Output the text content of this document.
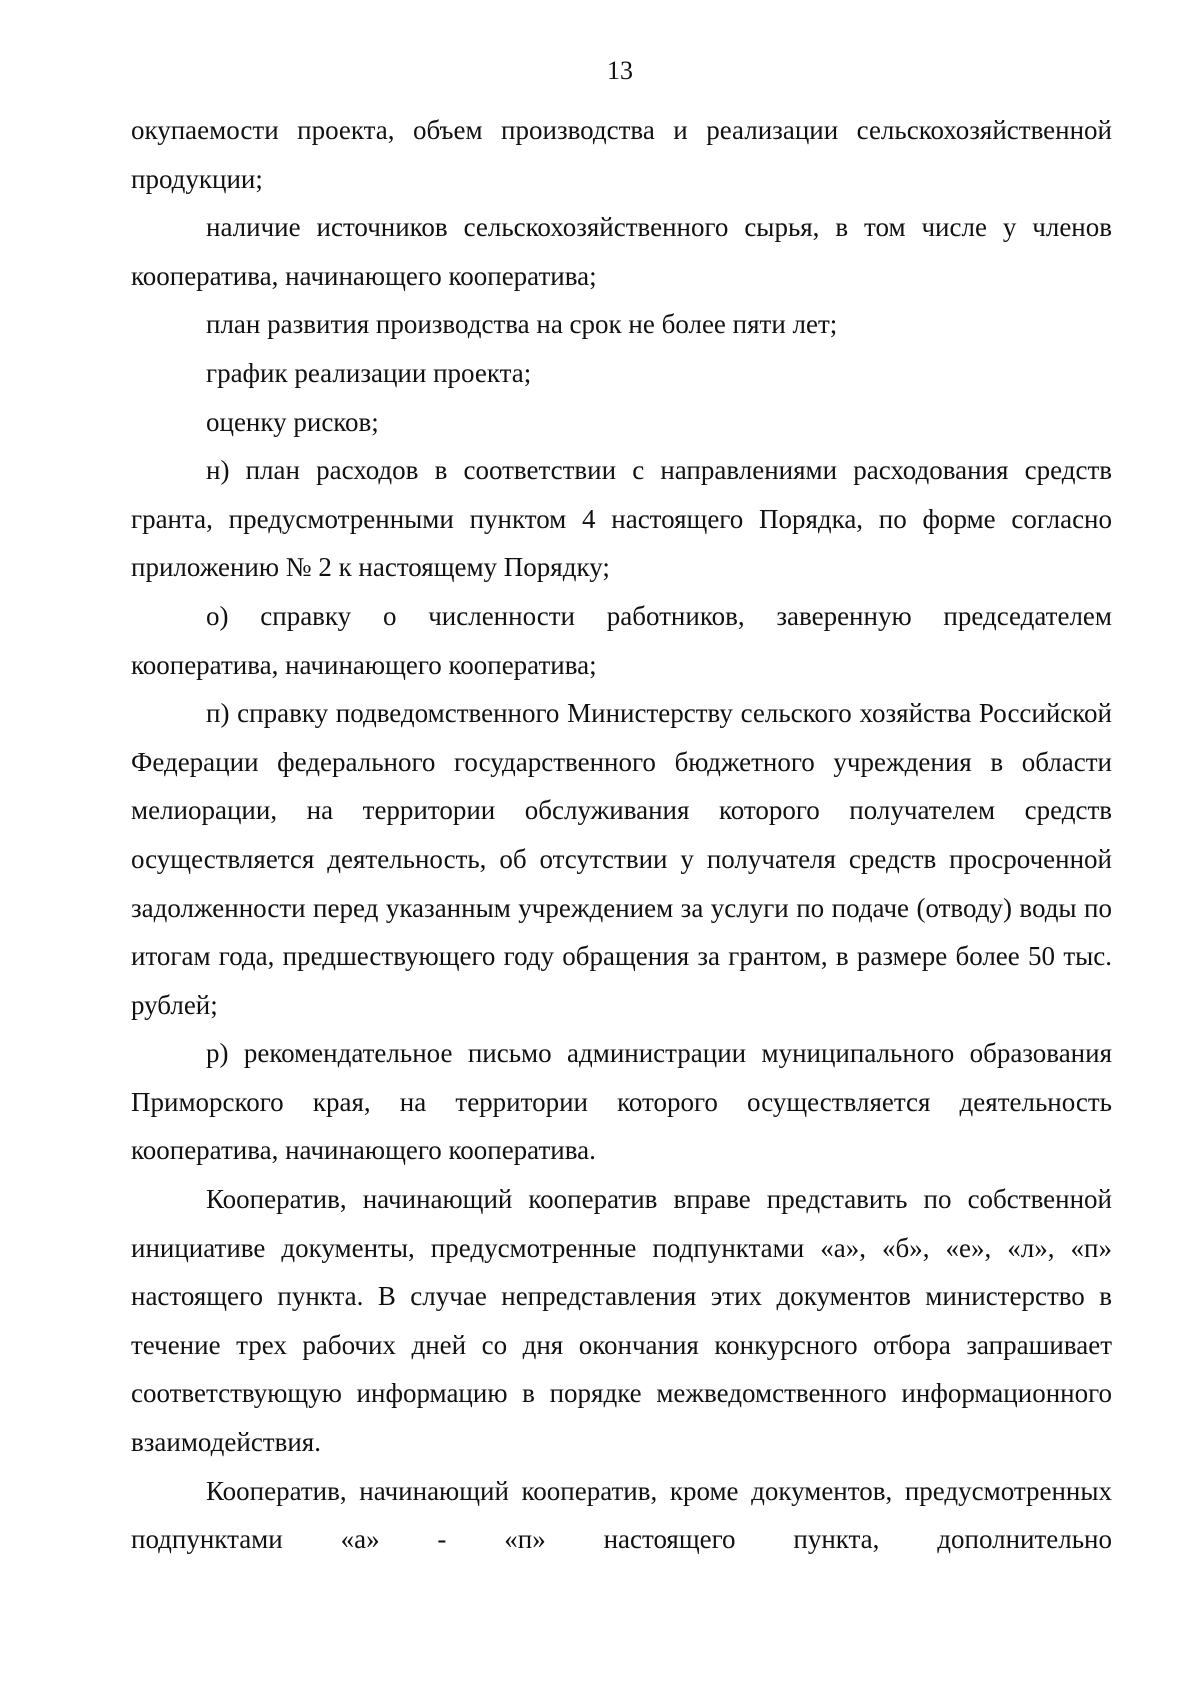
13

окупаемости проекта, объем производства и реализации сельскохозяйственной продукции;

наличие источников сельскохозяйственного сырья, в том числе у членов кооператива, начинающего кооператива;

план развития производства на срок не более пяти лет;

график реализации проекта;

оценку рисков;

н) план расходов в соответствии с направлениями расходования средств гранта, предусмотренными пунктом 4 настоящего Порядка, по форме согласно приложению № 2 к настоящему Порядку;

о) справку о численности работников, заверенную председателем кооператива, начинающего кооператива;

п) справку подведомственного Министерству сельского хозяйства Российской Федерации федерального государственного бюджетного учреждения в области мелиорации, на территории обслуживания которого получателем средств осуществляется деятельность, об отсутствии у получателя средств просроченной задолженности перед указанным учреждением за услуги по подаче (отводу) воды по итогам года, предшествующего году обращения за грантом, в размере более 50 тыс. рублей;

р) рекомендательное письмо администрации муниципального образования Приморского края, на территории которого осуществляется деятельность кооператива, начинающего кооператива.

Кооператив, начинающий кооператив вправе представить по собственной инициативе документы, предусмотренные подпунктами «а», «б», «е», «л», «п» настоящего пункта. В случае непредставления этих документов министерство в течение трех рабочих дней со дня окончания конкурсного отбора запрашивает соответствующую информацию в порядке межведомственного информационного взаимодействия.

Кооператив, начинающий кооператив, кроме документов, предусмотренных подпунктами «а» - «п» настоящего пункта, дополнительно
